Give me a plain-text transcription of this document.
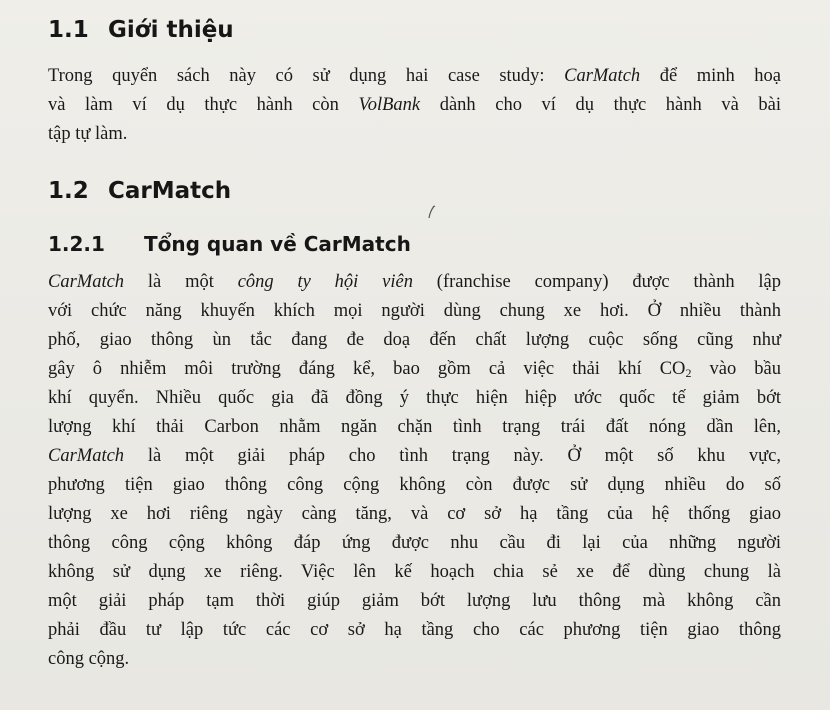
1.1 Giới thiệu
Trong quyển sách này có sử dụng hai case study: CarMatch để minh hoạ
và làm ví dụ thực hành còn VolBank dành cho ví dụ thực hành và bài
tập tự làm.
1.2 CarMatch
1.2.1 Tổng quan về CarMatch
CarMatch là một công ty hội viên (franchise company) được thành lập
với chức năng khuyến khích mọi người dùng chung xe hơi. Ở nhiều thành
phố, giao thông ùn tắc đang đe doạ đến chất lượng cuộc sống cũng như
gây ô nhiễm môi trường đáng kể, bao gồm cả việc thải khí $CO_2$ vào bầu
khí quyển. Nhiều quốc gia đã đồng ý thực hiện hiệp ước quốc tế giảm bớt
lượng khí thải Carbon nhằm ngăn chặn tình trạng trái đất nóng dần lên,
CarMatch là một giải pháp cho tình trạng này. Ở một số khu vực,
phương tiện giao thông công cộng không còn được sử dụng nhiều do số
lượng xe hơi riêng ngày càng tăng, và cơ sở hạ tầng của hệ thống giao
thông công cộng không đáp ứng được nhu cầu đi lại của những người
không sử dụng xe riêng. Việc lên kế hoạch chia sẻ xe để dùng chung là
một giải pháp tạm thời giúp giảm bớt lượng lưu thông mà không cần
phải đầu tư lập tức các cơ sở hạ tầng cho các phương tiện giao thông
công cộng.
